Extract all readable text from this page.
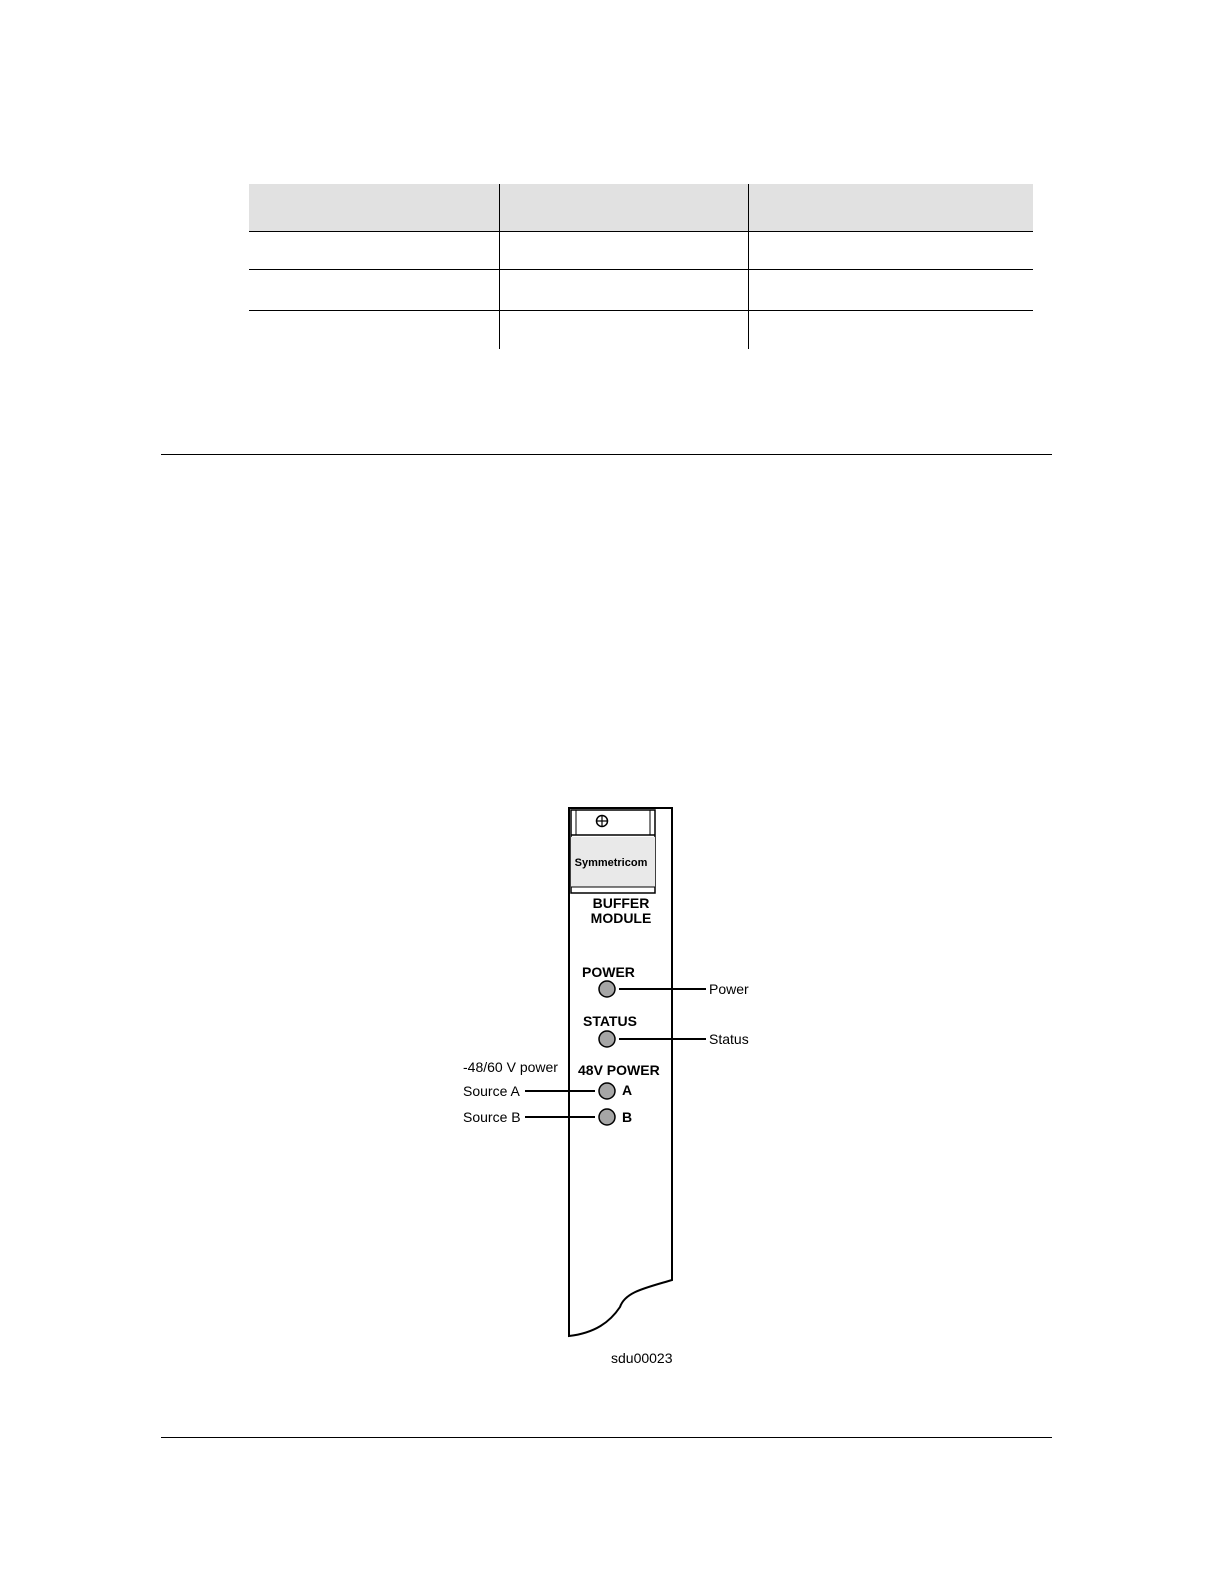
Symmetricom
BUFFER
MODULE
POWER
Power
STATUS
Status
-48/60 V power 48V POWER
Source A	A
Source B	B
sdu00023
